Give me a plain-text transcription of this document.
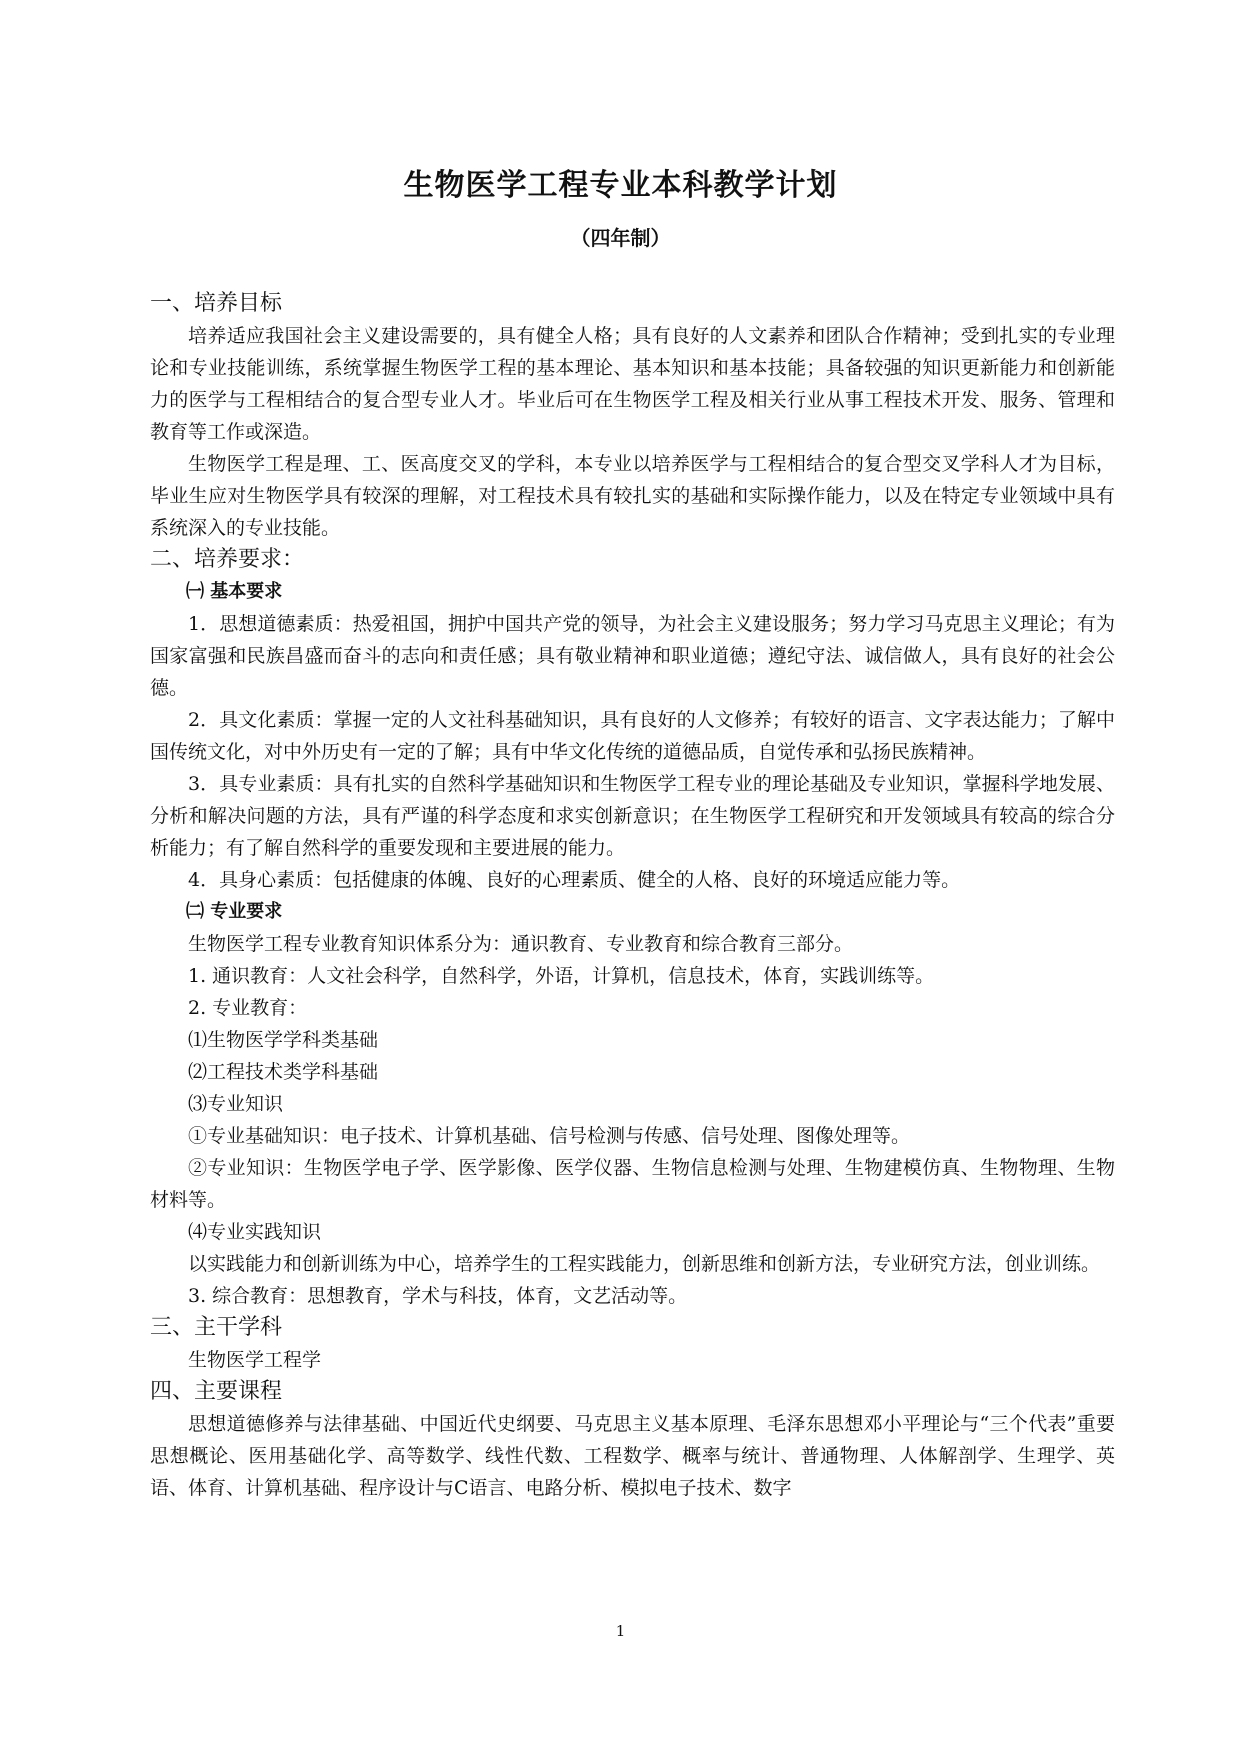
生物医学工程专业本科教学计划
（四年制）
一、培养目标

培养适应我国社会主义建设需要的，具有健全人格；具有良好的人文素养和团队合作精神；受到扎实的专业理论和专业技能训练，系统掌握生物医学工程的基本理论、基本知识和基本技能；具备较强的知识更新能力和创新能力的医学与工程相结合的复合型专业人才。毕业后可在生物医学工程及相关行业从事工程技术开发、服务、管理和教育等工作或深造。

生物医学工程是理、工、医高度交叉的学科，本专业以培养医学与工程相结合的复合型交叉学科人才为目标，毕业生应对生物医学具有较深的理解，对工程技术具有较扎实的基础和实际操作能力，以及在特定专业领域中具有系统深入的专业技能。

二、培养要求：
㈠ 基本要求

1．思想道德素质：热爱祖国，拥护中国共产党的领导，为社会主义建设服务；努力学习马克思主义理论；有为国家富强和民族昌盛而奋斗的志向和责任感；具有敬业精神和职业道德；遵纪守法、诚信做人，具有良好的社会公德。

2．具文化素质：掌握一定的人文社科基础知识，具有良好的人文修养；有较好的语言、文字表达能力；了解中国传统文化，对中外历史有一定的了解；具有中华文化传统的道德品质，自觉传承和弘扬民族精神。

3．具专业素质：具有扎实的自然科学基础知识和生物医学工程专业的理论基础及专业知识，掌握科学地发展、分析和解决问题的方法，具有严谨的科学态度和求实创新意识；在生物医学工程研究和开发领域具有较高的综合分析能力；有了解自然科学的重要发现和主要进展的能力。

4．具身心素质：包括健康的体魄、良好的心理素质、健全的人格、良好的环境适应能力等。

㈡ 专业要求

生物医学工程专业教育知识体系分为：通识教育、专业教育和综合教育三部分。

1. 通识教育：人文社会科学，自然科学，外语，计算机，信息技术，体育，实践训练等。
2. 专业教育：
⑴生物医学学科类基础
⑵工程技术类学科基础
⑶专业知识
①专业基础知识：电子技术、计算机基础、信号检测与传感、信号处理、图像处理等。

②专业知识：生物医学电子学、医学影像、医学仪器、生物信息检测与处理、生物建模仿真、生物物理、生物材料等。

⑷专业实践知识

以实践能力和创新训练为中心，培养学生的工程实践能力，创新思维和创新方法，专业研究方法，创业训练。

3. 综合教育：思想教育，学术与科技，体育，文艺活动等。
三、主干学科
生物医学工程学
四、主要课程

思想道德修养与法律基础、中国近代史纲要、马克思主义基本原理、毛泽东思想邓小平理论与“三个代表”重要思想概论、医用基础化学、高等数学、线性代数、工程数学、概率与统计、普通物理、人体解剖学、生理学、英语、体育、计算机基础、程序设计与C语言、电路分析、模拟电子技术、数字

1
